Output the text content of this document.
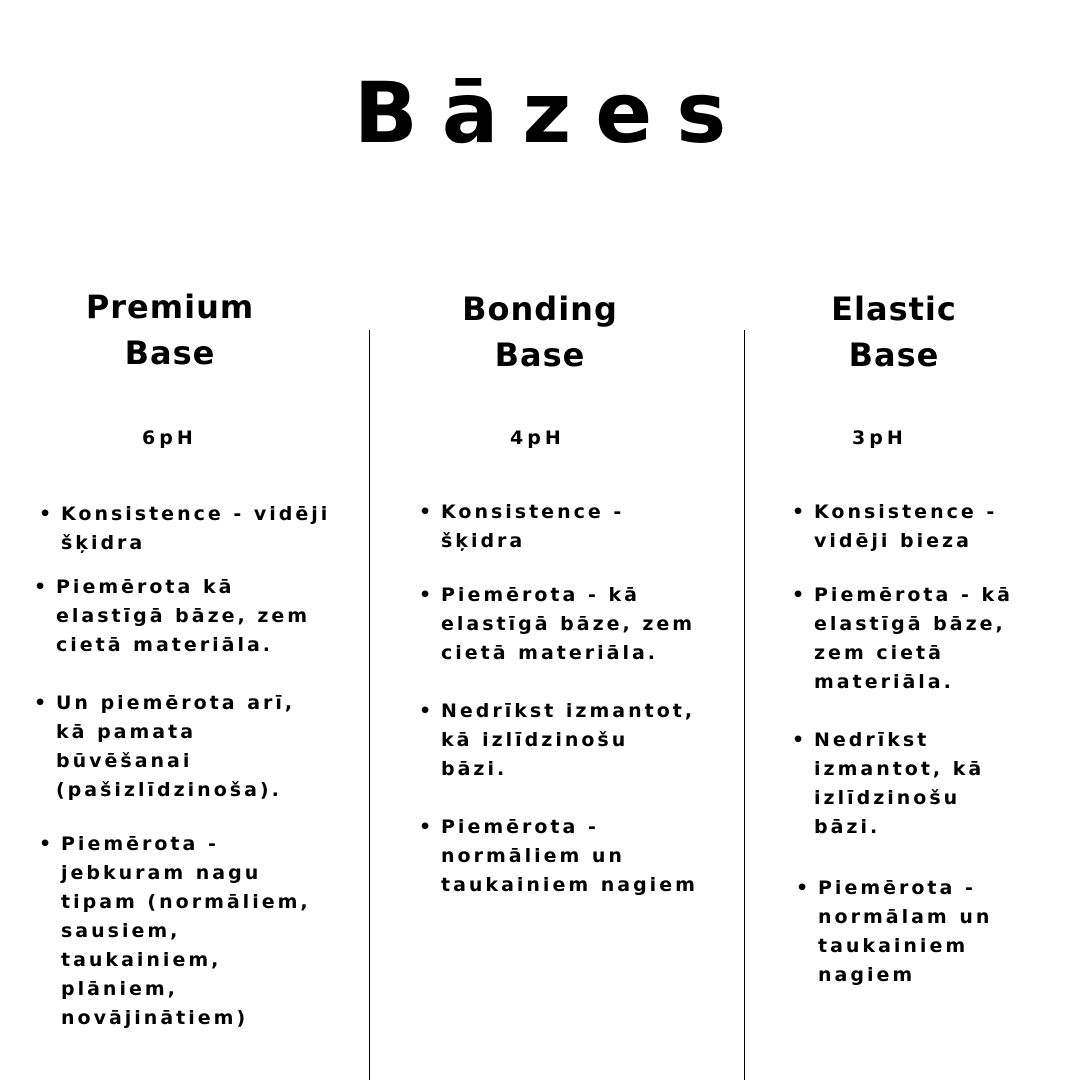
Bāzes
Premium
Base
6pH
• Konsistence - vidēji
šķidra
• Piemērota kā
elastīgā bāze, zem
cietā materiāla.
• Un piemērota arī,
kā pamata
būvēšanai
(pašizlīdzinoša).
• Piemērota -
jebkuram nagu
tipam (normāliem,
sausiem,
taukainiem,
plāniem,
novājinātiem)
Bonding
Base
4pH
• Konsistence -
šķidra
• Piemērota - kā
elastīgā bāze, zem
cietā materiāla.
• Nedrīkst izmantot,
kā izlīdzinošu
bāzi.
• Piemērota -
normāliem un
taukainiem nagiem
Elastic
Base
3pH
• Konsistence -
vidēji bieza
• Piemērota - kā
elastīgā bāze,
zem cietā
materiāla.
• Nedrīkst
izmantot, kā
izlīdzinošu
bāzi.
• Piemērota -
normālam un
taukainiem
nagiem
